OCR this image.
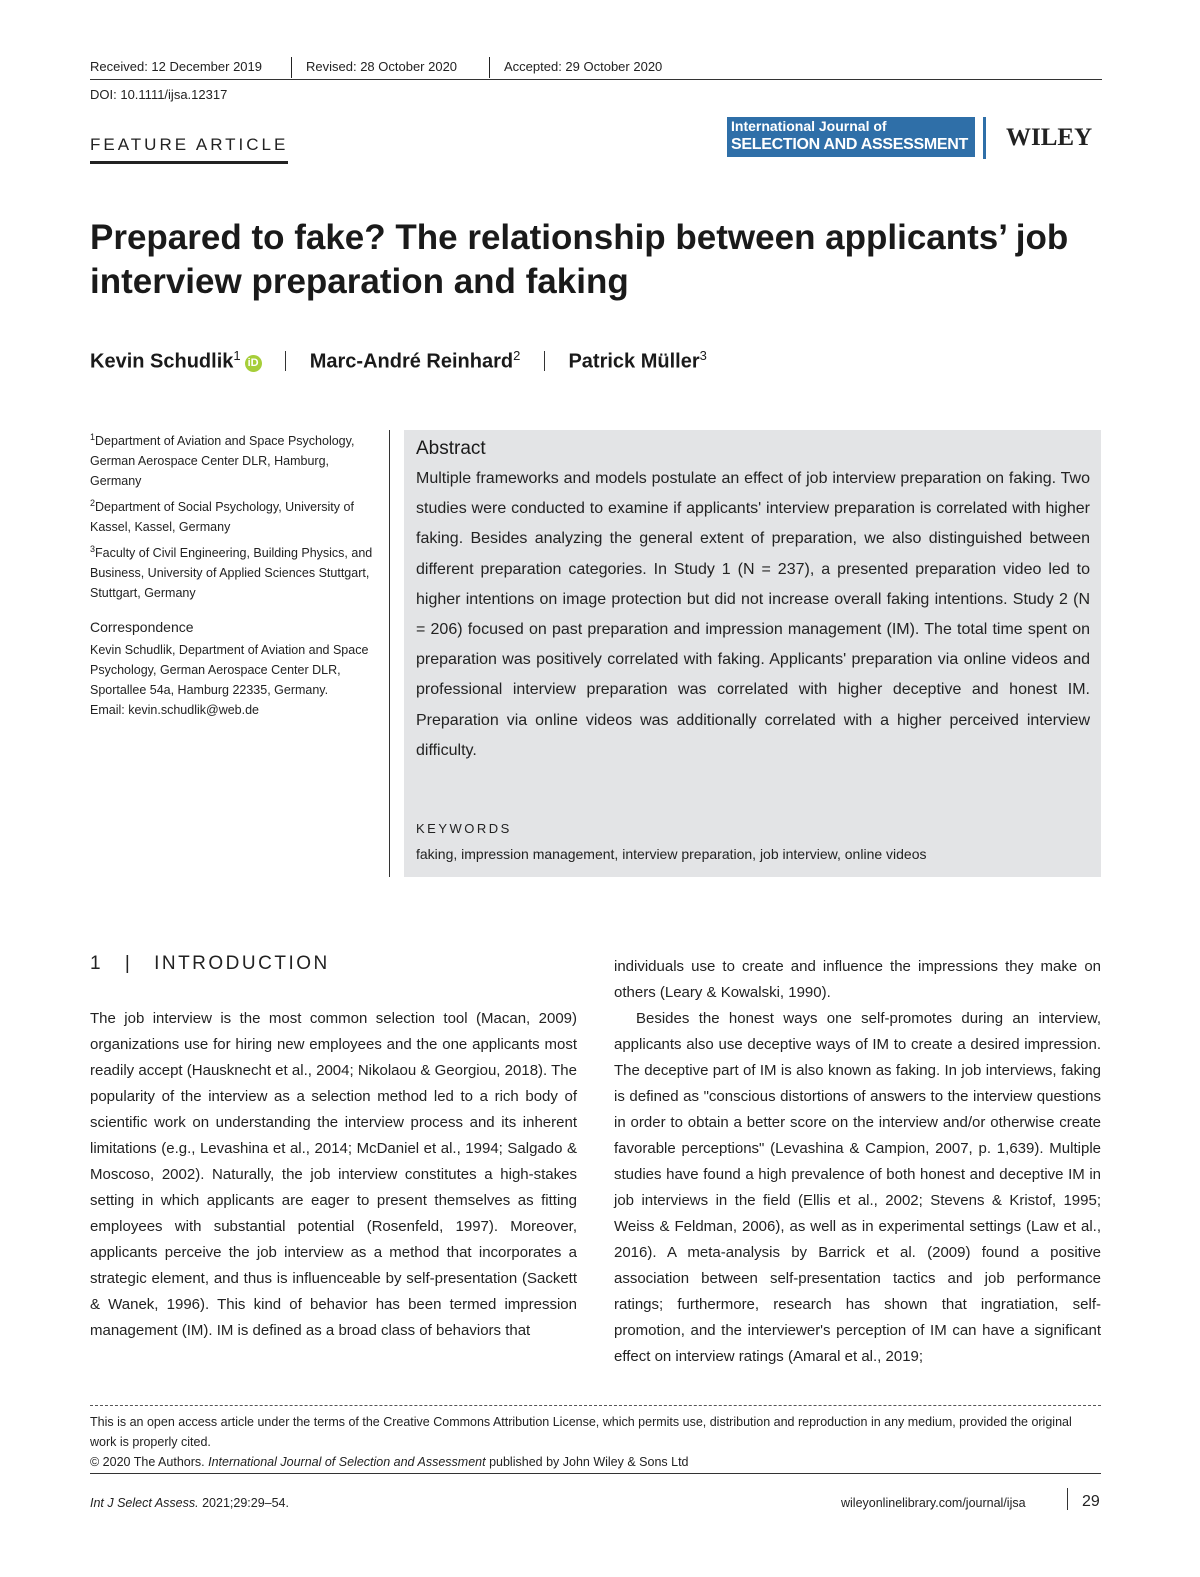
Received: 12 December 2019	Revised: 28 October 2020	Accepted: 29 October 2020
DOI: 10.1111/ijsa.12317
FEATURE ARTICLE
International Journal of
SELECTION AND ASSESSMENT WILEY
Prepared to fake? The relationship between applicants’ job interview preparation and faking
Kevin Schudlik$^1$ iD	Marc-André Reinhard$^2$ Patrick Müller$^3$
$^1$Department of Aviation and Space Psychology, German Aerospace Center DLR, Hamburg, Germany
$^2$Department of Social Psychology, University of Kassel, Kassel, Germany
$^3$Faculty of Civil Engineering, Building Physics, and Business, University of Applied Sciences Stuttgart, Stuttgart, Germany
Correspondence
Kevin Schudlik, Department of Aviation and Space Psychology, German Aerospace Center DLR, Sportallee 54a, Hamburg 22335, Germany.
Email: kevin.schudlik@web.de
Abstract
Multiple frameworks and models postulate an effect of job interview preparation on faking. Two studies were conducted to examine if applicants' interview preparation is correlated with higher faking. Besides analyzing the general extent of preparation, we also distinguished between different preparation categories. In Study 1 (N = 237), a presented preparation video led to higher intentions on image protection but did not increase overall faking intentions. Study 2 (N = 206) focused on past preparation and impression management (IM). The total time spent on preparation was positively correlated with faking. Applicants' preparation via online videos and professional interview preparation was correlated with higher deceptive and honest IM. Preparation via online videos was additionally correlated with a higher perceived interview difficulty.
KEYWORDS
faking, impression management, interview preparation, job interview, online videos
1 | INTRODUCTION

The job interview is the most common selection tool (Macan, 2009) organizations use for hiring new employees and the one applicants most readily accept (Hausknecht et al., 2004; Nikolaou & Georgiou, 2018). The popularity of the interview as a selection method led to a rich body of scientific work on understanding the interview process and its inherent limitations (e.g., Levashina et al., 2014; McDaniel et al., 1994; Salgado & Moscoso, 2002). Naturally, the job interview constitutes a high-stakes setting in which applicants are eager to present themselves as fitting employees with substantial potential (Rosenfeld, 1997). Moreover, applicants perceive the job interview as a method that incorporates a strategic element, and thus is influenceable by self-presentation (Sackett & Wanek, 1996). This kind of behavior has been termed impression management (IM). IM is defined as a broad class of behaviors that

individuals use to create and influence the impressions they make on others (Leary & Kowalski, 1990).

Besides the honest ways one self-promotes during an interview, applicants also use deceptive ways of IM to create a desired impression. The deceptive part of IM is also known as faking. In job interviews, faking is defined as "conscious distortions of answers to the interview questions in order to obtain a better score on the interview and/or otherwise create favorable perceptions" (Levashina & Campion, 2007, p. 1,639). Multiple studies have found a high prevalence of both honest and deceptive IM in job interviews in the field (Ellis et al., 2002; Stevens & Kristof, 1995; Weiss & Feldman, 2006), as well as in experimental settings (Law et al., 2016). A meta-analysis by Barrick et al. (2009) found a positive association between self-presentation tactics and job performance ratings; furthermore, research has shown that ingratiation, self-promotion, and the interviewer's perception of IM can have a significant effect on interview ratings (Amaral et al., 2019;

This is an open access article under the terms of the Creative Commons Attribution License, which permits use, distribution and reproduction in any medium, provided the original work is properly cited.
© 2020 The Authors. International Journal of Selection and Assessment published by John Wiley & Sons Ltd
Int J Select Assess. 2021;29:29–54.	wileyonlinelibrary.com/journal/ijsa	29
